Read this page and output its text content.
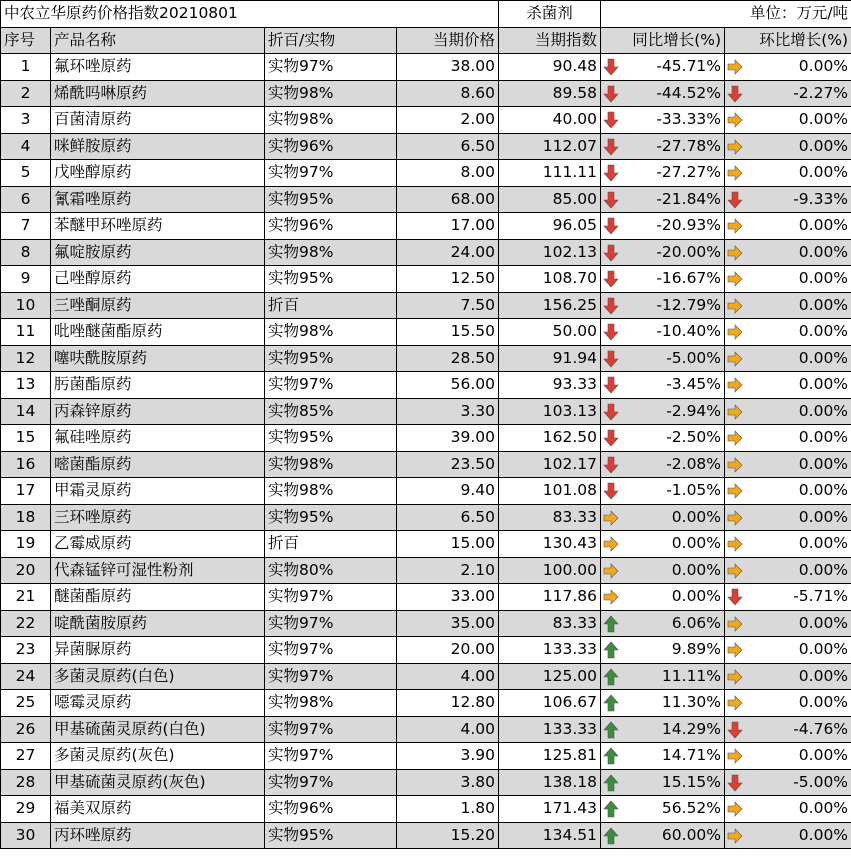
中农立华原药价格指数20210801				杀菌剂	单位：万元/吨	
序号	产品名称	折百/实物	当期价格	当期指数	同比增长(%)	环比增长(%)
1	氟环唑原药	实物97%	38.00	90.48	-45.71%	0.00%
2	烯酰吗啉原药	实物98%	8.60	89.58	-44.52%	-2.27%
3	百菌清原药	实物98%	2.00	40.00	-33.33%	0.00%
4	咪鲜胺原药	实物96%	6.50	112.07	-27.78%	0.00%
5	戊唑醇原药	实物97%	8.00	111.11	-27.27%	0.00%
6	氰霜唑原药	实物95%	68.00	85.00	-21.84%	-9.33%
7	苯醚甲环唑原药	实物96%	17.00	96.05	-20.93%	0.00%
8	氟啶胺原药	实物98%	24.00	102.13	-20.00%	0.00%
9	己唑醇原药	实物95%	12.50	108.70	-16.67%	0.00%
10	三唑酮原药	折百	7.50	156.25	-12.79%	0.00%
11	吡唑醚菌酯原药	实物98%	15.50	50.00	-10.40%	0.00%
12	噻呋酰胺原药	实物95%	28.50	91.94	-5.00%	0.00%
13	肟菌酯原药	实物97%	56.00	93.33	-3.45%	0.00%
14	丙森锌原药	实物85%	3.30	103.13	-2.94%	0.00%
15	氟硅唑原药	实物95%	39.00	162.50	-2.50%	0.00%
16	嘧菌酯原药	实物98%	23.50	102.17	-2.08%	0.00%
17	甲霜灵原药	实物98%	9.40	101.08	-1.05%	0.00%
18	三环唑原药	实物95%	6.50	83.33	0.00%	0.00%
19	乙霉威原药	折百	15.00	130.43	0.00%	0.00%
20	代森锰锌可湿性粉剂	实物80%	2.10	100.00	0.00%	0.00%
21	醚菌酯原药	实物97%	33.00	117.86	0.00%	-5.71%
22	啶酰菌胺原药	实物97%	35.00	83.33	6.06%	0.00%
23	异菌脲原药	实物97%	20.00	133.33	9.89%	0.00%
24	多菌灵原药(白色)	实物97%	4.00	125.00	11.11%	0.00%
25	噁霉灵原药	实物98%	12.80	106.67	11.30%	0.00%
26	甲基硫菌灵原药(白色)	实物97%	4.00	133.33	14.29%	-4.76%
27	多菌灵原药(灰色)	实物97%	3.90	125.81	14.71%	0.00%
28	甲基硫菌灵原药(灰色)	实物97%	3.80	138.18	15.15%	-5.00%
29	福美双原药	实物96%	1.80	171.43	56.52%	0.00%
30	丙环唑原药	实物95%	15.20	134.51	60.00%	0.00%
